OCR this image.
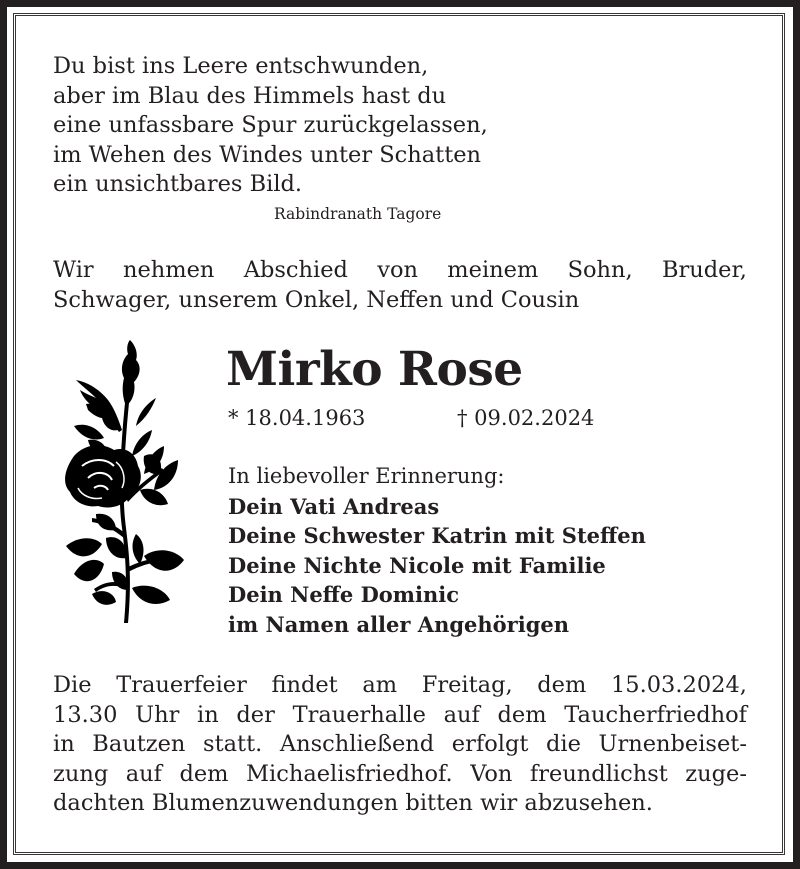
Du bist ins Leere entschwunden,
aber im Blau des Himmels hast du
eine unfassbare Spur zurückgelassen,
im Wehen des Windes unter Schatten
ein unsichtbares Bild.
Rabindranath Tagore
Wir nehmen Abschied von meinem Sohn, Bruder,
Schwager, unserem Onkel, Neffen und Cousin
Mirko Rose
* 18.04.1963	† 09.02.2024
In liebevoller Erinnerung:
Dein Vati Andreas
Deine Schwester Katrin mit Steffen
Deine Nichte Nicole mit Familie
Dein Neffe Dominic
im Namen aller Angehörigen
Die Trauerfeier findet am Freitag, dem 15.03.2024,
13.30 Uhr in der Trauerhalle auf dem Taucherfriedhof
in Bautzen statt. Anschließend erfolgt die Urnenbeiset-
zung auf dem Michaelisfriedhof. Von freundlichst zuge-
dachten Blumenzuwendungen bitten wir abzusehen.
